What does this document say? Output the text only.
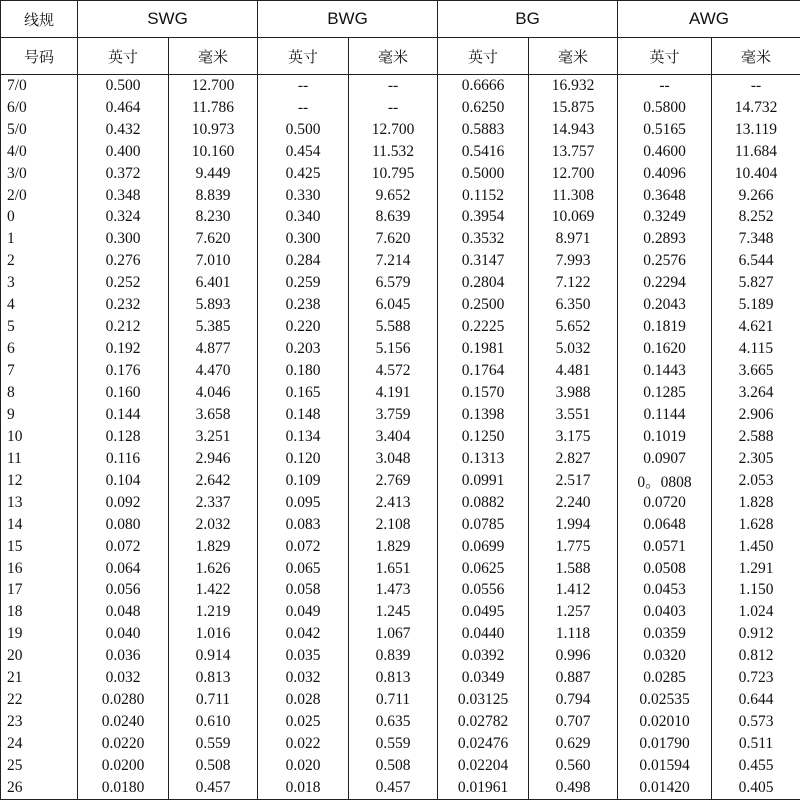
线规	SWG		BWG		BG		AWG	
号码	英寸	毫米	英寸	毫米	英寸	毫米	英寸	毫米
7/0	0.500	12.700	--	--	0.6666	16.932	--	--
6/0	0.464	11.786	--	--	0.6250	15.875	0.5800	14.732
5/0	0.432	10.973	0.500	12.700	0.5883	14.943	0.5165	13.119
4/0	0.400	10.160	0.454	11.532	0.5416	13.757	0.4600	11.684
3/0	0.372	9.449	0.425	10.795	0.5000	12.700	0.4096	10.404
2/0	0.348	8.839	0.330	9.652	0.1152	11.308	0.3648	9.266
0	0.324	8.230	0.340	8.639	0.3954	10.069	0.3249	8.252
1	0.300	7.620	0.300	7.620	0.3532	8.971	0.2893	7.348
2	0.276	7.010	0.284	7.214	0.3147	7.993	0.2576	6.544
3	0.252	6.401	0.259	6.579	0.2804	7.122	0.2294	5.827
4	0.232	5.893	0.238	6.045	0.2500	6.350	0.2043	5.189
5	0.212	5.385	0.220	5.588	0.2225	5.652	0.1819	4.621
6	0.192	4.877	0.203	5.156	0.1981	5.032	0.1620	4.115
7	0.176	4.470	0.180	4.572	0.1764	4.481	0.1443	3.665
8	0.160	4.046	0.165	4.191	0.1570	3.988	0.1285	3.264
9	0.144	3.658	0.148	3.759	0.1398	3.551	0.1144	2.906
10	0.128	3.251	0.134	3.404	0.1250	3.175	0.1019	2.588
11	0.116	2.946	0.120	3.048	0.1313	2.827	0.0907	2.305
12	0.104	2.642	0.109	2.769	0.0991	2.517	0。0808	2.053
13	0.092	2.337	0.095	2.413	0.0882	2.240	0.0720	1.828
14	0.080	2.032	0.083	2.108	0.0785	1.994	0.0648	1.628
15	0.072	1.829	0.072	1.829	0.0699	1.775	0.0571	1.450
16	0.064	1.626	0.065	1.651	0.0625	1.588	0.0508	1.291
17	0.056	1.422	0.058	1.473	0.0556	1.412	0.0453	1.150
18	0.048	1.219	0.049	1.245	0.0495	1.257	0.0403	1.024
19	0.040	1.016	0.042	1.067	0.0440	1.118	0.0359	0.912
20	0.036	0.914	0.035	0.839	0.0392	0.996	0.0320	0.812
21	0.032	0.813	0.032	0.813	0.0349	0.887	0.0285	0.723
22	0.0280	0.711	0.028	0.711	0.03125	0.794	0.02535	0.644
23	0.0240	0.610	0.025	0.635	0.02782	0.707	0.02010	0.573
24	0.0220	0.559	0.022	0.559	0.02476	0.629	0.01790	0.511
25	0.0200	0.508	0.020	0.508	0.02204	0.560	0.01594	0.455
26	0.0180	0.457	0.018	0.457	0.01961	0.498	0.01420	0.405
